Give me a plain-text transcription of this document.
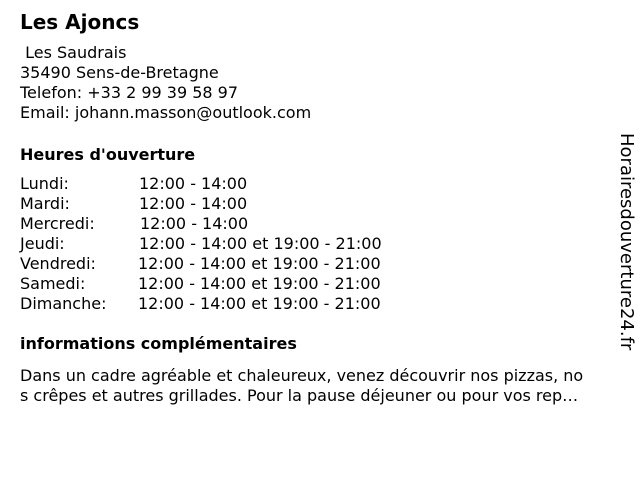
Les Ajoncs
Les Saudrais
35490 Sens-de-Bretagne
Telefon: +33 2 99 39 58 97
Email: johann.masson@outlook.com
Heures d'ouverture
Lundi:	12:00 - 14:00
Mardi:	12:00 - 14:00
Mercredi:	12:00 - 14:00
Jeudi:	12:00 - 14:00 et 19:00 - 21:00
Vendredi:	12:00 - 14:00 et 19:00 - 21:00
Samedi:	12:00 - 14:00 et 19:00 - 21:00
Dimanche:	12:00 - 14:00 et 19:00 - 21:00
informations complémentaires
Dans un cadre agréable et chaleureux, venez découvrir nos pizzas, no
s crêpes et autres grillades. Pour la pause déjeuner ou pour vos rep…
Horairesdouverture24.fr
